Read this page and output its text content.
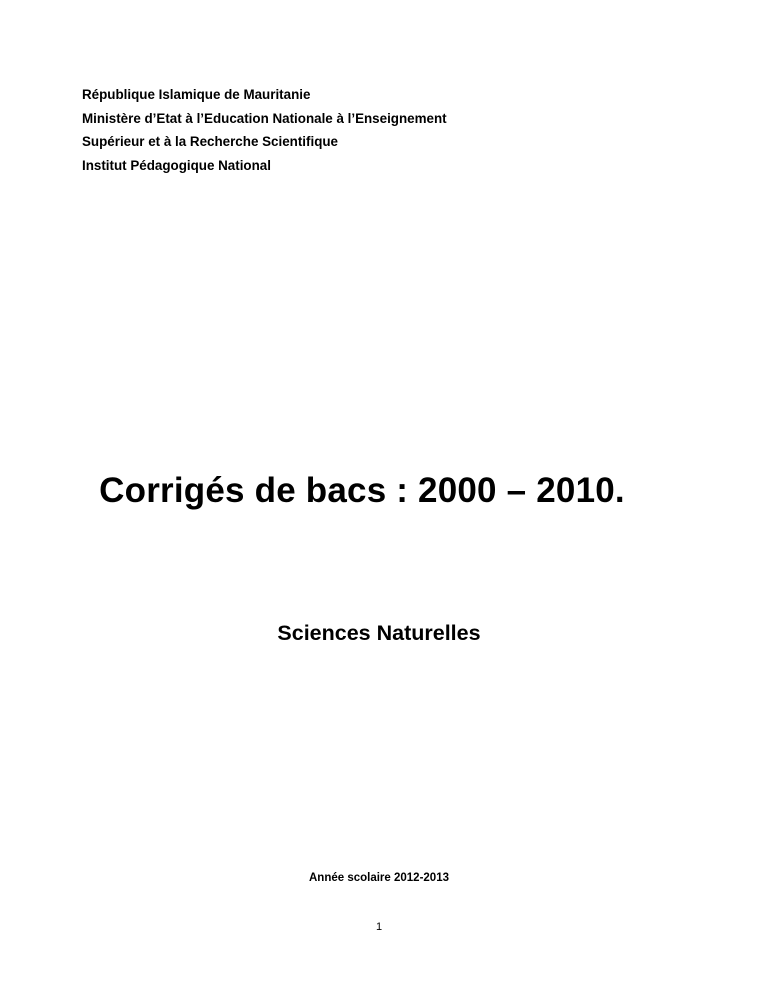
République Islamique de Mauritanie
Ministère d’Etat à l’Education Nationale à l’Enseignement
Supérieur et à la Recherche Scientifique
Institut Pédagogique National
Corrigés de bacs : 2000 – 2010.
Sciences Naturelles
Année scolaire 2012-2013
1
